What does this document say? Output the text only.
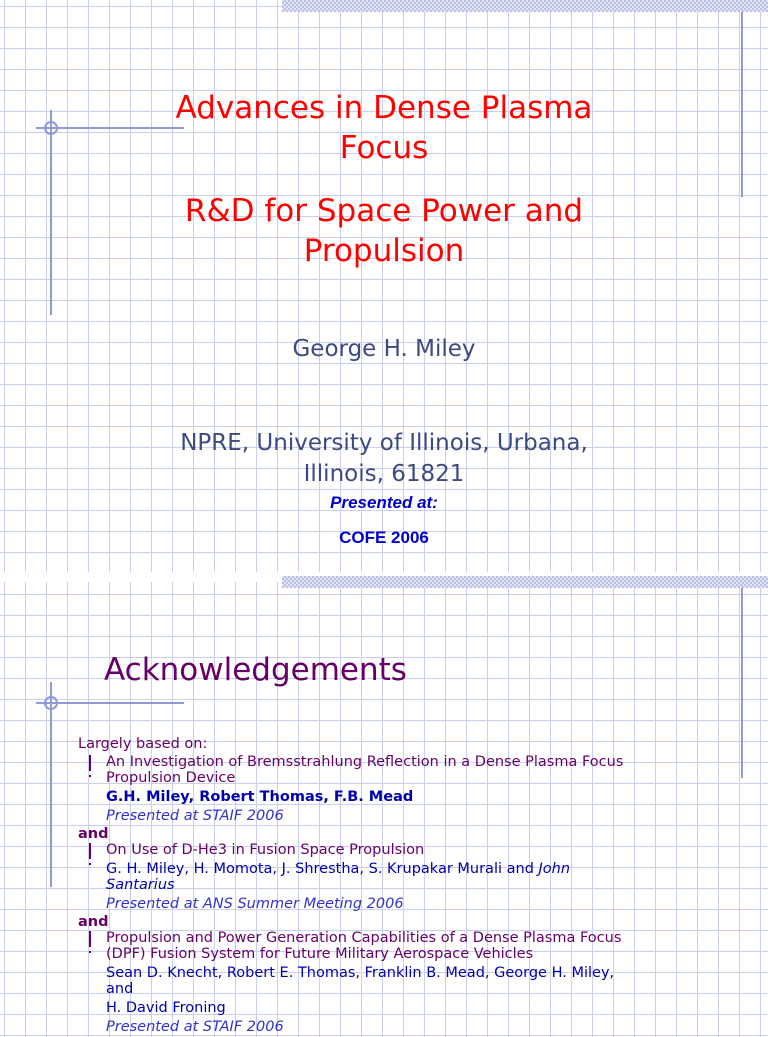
Advances in Dense Plasma
Focus
R&D for Space Power and
Propulsion
George H. Miley
NPRE, University of Illinois, Urbana,
Illinois, 61821
Presented at:
COFE 2006
Acknowledgements
Largely based on:
An Investigation of Bremsstrahlung Reflection in a Dense Plasma Focus
Propulsion Device
G.H. Miley, Robert Thomas, F.B. Mead
Presented at STAIF 2006
and
On Use of D-He3 in Fusion Space Propulsion
G. H. Miley, H. Momota, J. Shrestha, S. Krupakar Murali and John
Santarius
Presented at ANS Summer Meeting 2006
and
Propulsion and Power Generation Capabilities of a Dense Plasma Focus
(DPF) Fusion System for Future Military Aerospace Vehicles
Sean D. Knecht, Robert E. Thomas, Franklin B. Mead, George H. Miley,
and
H. David Froning
Presented at STAIF 2006
